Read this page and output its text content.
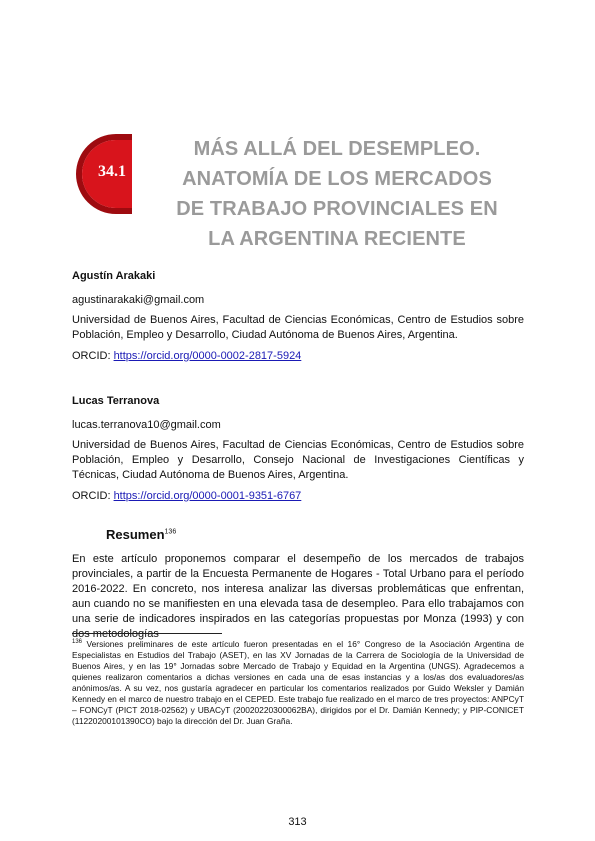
34.1
MÁS ALLÁ DEL DESEMPLEO.
ANATOMÍA DE LOS MERCADOS
DE TRABAJO PROVINCIALES EN
LA ARGENTINA RECIENTE
Agustín Arakaki
agustinarakaki@gmail.com
Universidad de Buenos Aires, Facultad de Ciencias Económicas, Centro de Estudios sobre Población, Empleo y Desarrollo, Ciudad Autónoma de Buenos Aires, Argentina.
ORCID: https://orcid.org/0000-0002-2817-5924
Lucas Terranova
lucas.terranova10@gmail.com
Universidad de Buenos Aires, Facultad de Ciencias Económicas, Centro de Estudios sobre Población, Empleo y Desarrollo, Consejo Nacional de Investigaciones Científicas y Técnicas, Ciudad Autónoma de Buenos Aires, Argentina.
ORCID: https://orcid.org/0000-0001-9351-6767
Resumen$^{136}$
En este artículo proponemos comparar el desempeño de los mercados de trabajos provinciales, a partir de la Encuesta Permanente de Hogares - Total Urbano para el período 2016-2022. En concreto, nos interesa analizar las diversas problemáticas que enfrentan, aun cuando no se manifiesten en una elevada tasa de desempleo. Para ello trabajamos con una serie de indicadores inspirados en las categorías propuestas por Monza (1993) y con dos metodologías
$^{136}$ Versiones preliminares de este artículo fueron presentadas en el 16° Congreso de la Asociación Argentina de Especialistas en Estudios del Trabajo (ASET), en las XV Jornadas de la Carrera de Sociología de la Universidad de Buenos Aires, y en las 19° Jornadas sobre Mercado de Trabajo y Equidad en la Argentina (UNGS). Agradecemos a quienes realizaron comentarios a dichas versiones en cada una de esas instancias y a los/as dos evaluadores/as anónimos/as. A su vez, nos gustaría agradecer en particular los comentarios realizados por Guido Weksler y Damián Kennedy en el marco de nuestro trabajo en el CEPED. Este trabajo fue realizado en el marco de tres proyectos: ANPCyT – FONCyT (PICT 2018-02562) y UBACyT (20020220300062BA), dirigidos por el Dr. Damián Kennedy; y PIP-CONICET (11220200101390CO) bajo la dirección del Dr. Juan Graña.
313
